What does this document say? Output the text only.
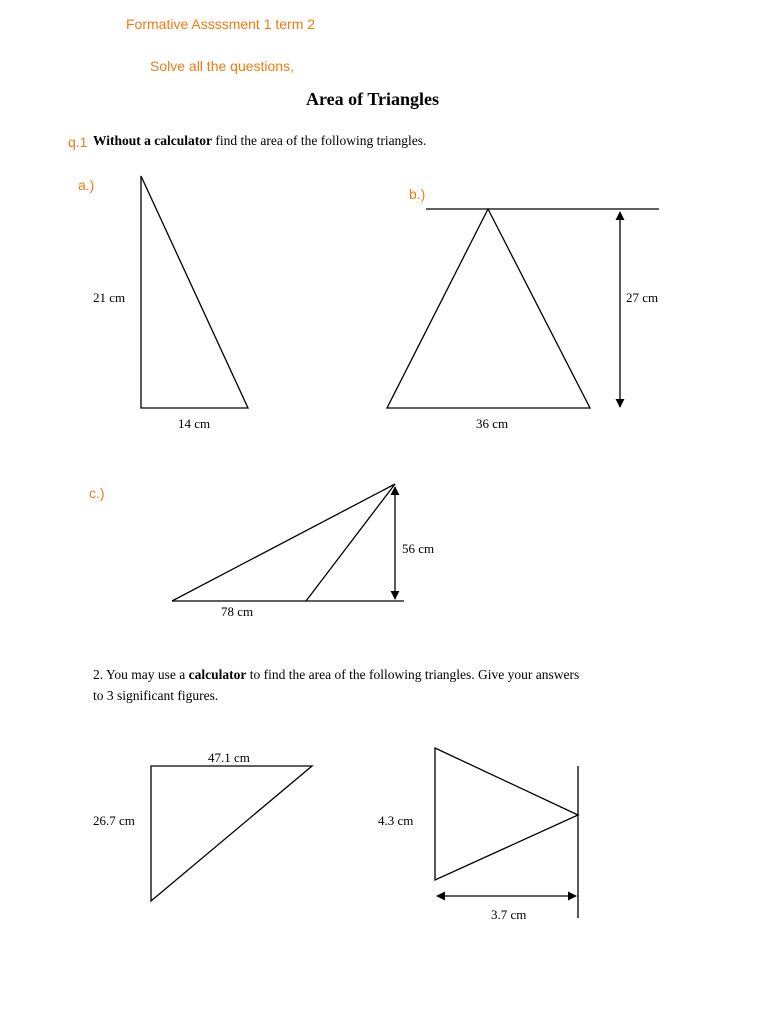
Formative Assssment 1 term 2
Solve all the questions,
Area of Triangles
q.1 Without a calculator find the area of the following triangles.
a.)
21 cm
14 cm
b.)
27 cm
36 cm
c.)
56 cm
78 cm
2. You may use a calculator to find the area of the following triangles. Give your answers
to 3 significant figures.
47.1 cm
26.7 cm	4.3 cm
3.7 cm
